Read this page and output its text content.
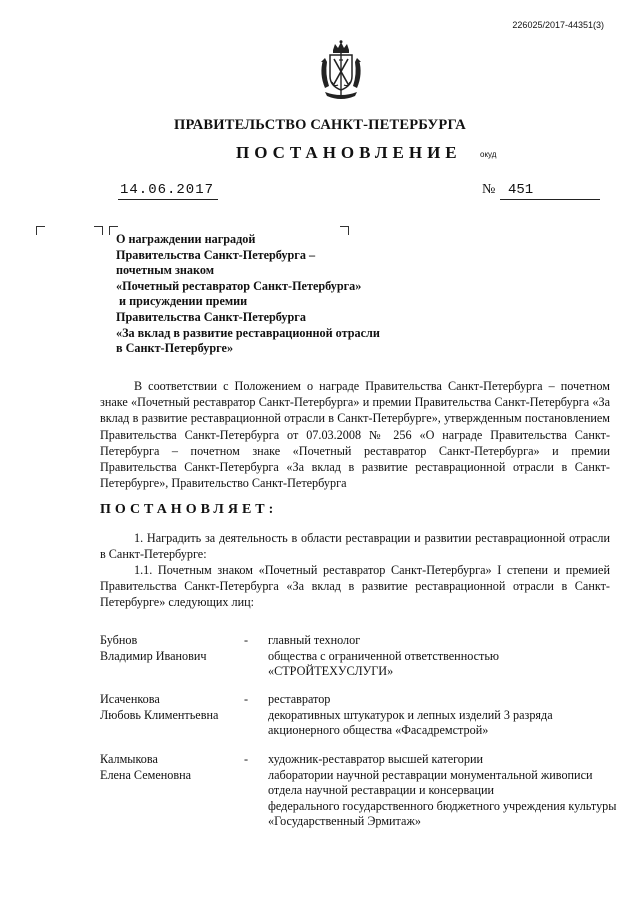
226025/2017-44351(3)
ПРАВИТЕЛЬСТВО САНКТ-ПЕТЕРБУРГА
ПОСТАНОВЛЕНИЕ окуд
14.06.2017	№ 451
О награждении наградой
Правительства Санкт-Петербурга –
почетным знаком
«Почетный реставратор Санкт-Петербурга»
и присуждении премии
Правительства Санкт-Петербурга
«За вклад в развитие реставрационной отрасли
в Санкт-Петербурге»
В соответствии с Положением о награде Правительства Санкт-Петербурга – почетном знаке «Почетный реставратор Санкт-Петербурга» и премии Правительства Санкт-Петербурга «За вклад в развитие реставрационной отрасли в Санкт-Петербурге», утвержденным постановлением Правительства Санкт-Петербурга от 07.03.2008 № 256 «О награде Правительства Санкт-Петербурга – почетном знаке «Почетный реставратор Санкт-Петербурга» и премии Правительства Санкт-Петербурга «За вклад в развитие реставрационной отрасли в Санкт-Петербурге», Правительство Санкт-Петербурга
ПОСТАНОВЛЯЕТ:
1. Наградить за деятельность в области реставрации и развитии реставрационной отрасли в Санкт-Петербурге:
1.1. Почетным знаком «Почетный реставратор Санкт-Петербурга» I степени и премией Правительства Санкт-Петербурга «За вклад в развитие реставрационной отрасли в Санкт-Петербурге» следующих лиц:
Бубнов
Владимир Иванович
- главный технолог
общества с ограниченной ответственностью
«СТРОЙТЕХУСЛУГИ»
Исаченкова
Любовь Климентьевна
- реставратор
декоративных штукатурок и лепных изделий 3 разряда
акционерного общества «Фасадремстрой»
Калмыкова
Елена Семеновна
- художник-реставратор высшей категории
лаборатории научной реставрации монументальной живописи
отдела научной реставрации и консервации
федерального государственного бюджетного учреждения культуры
«Государственный Эрмитаж»
